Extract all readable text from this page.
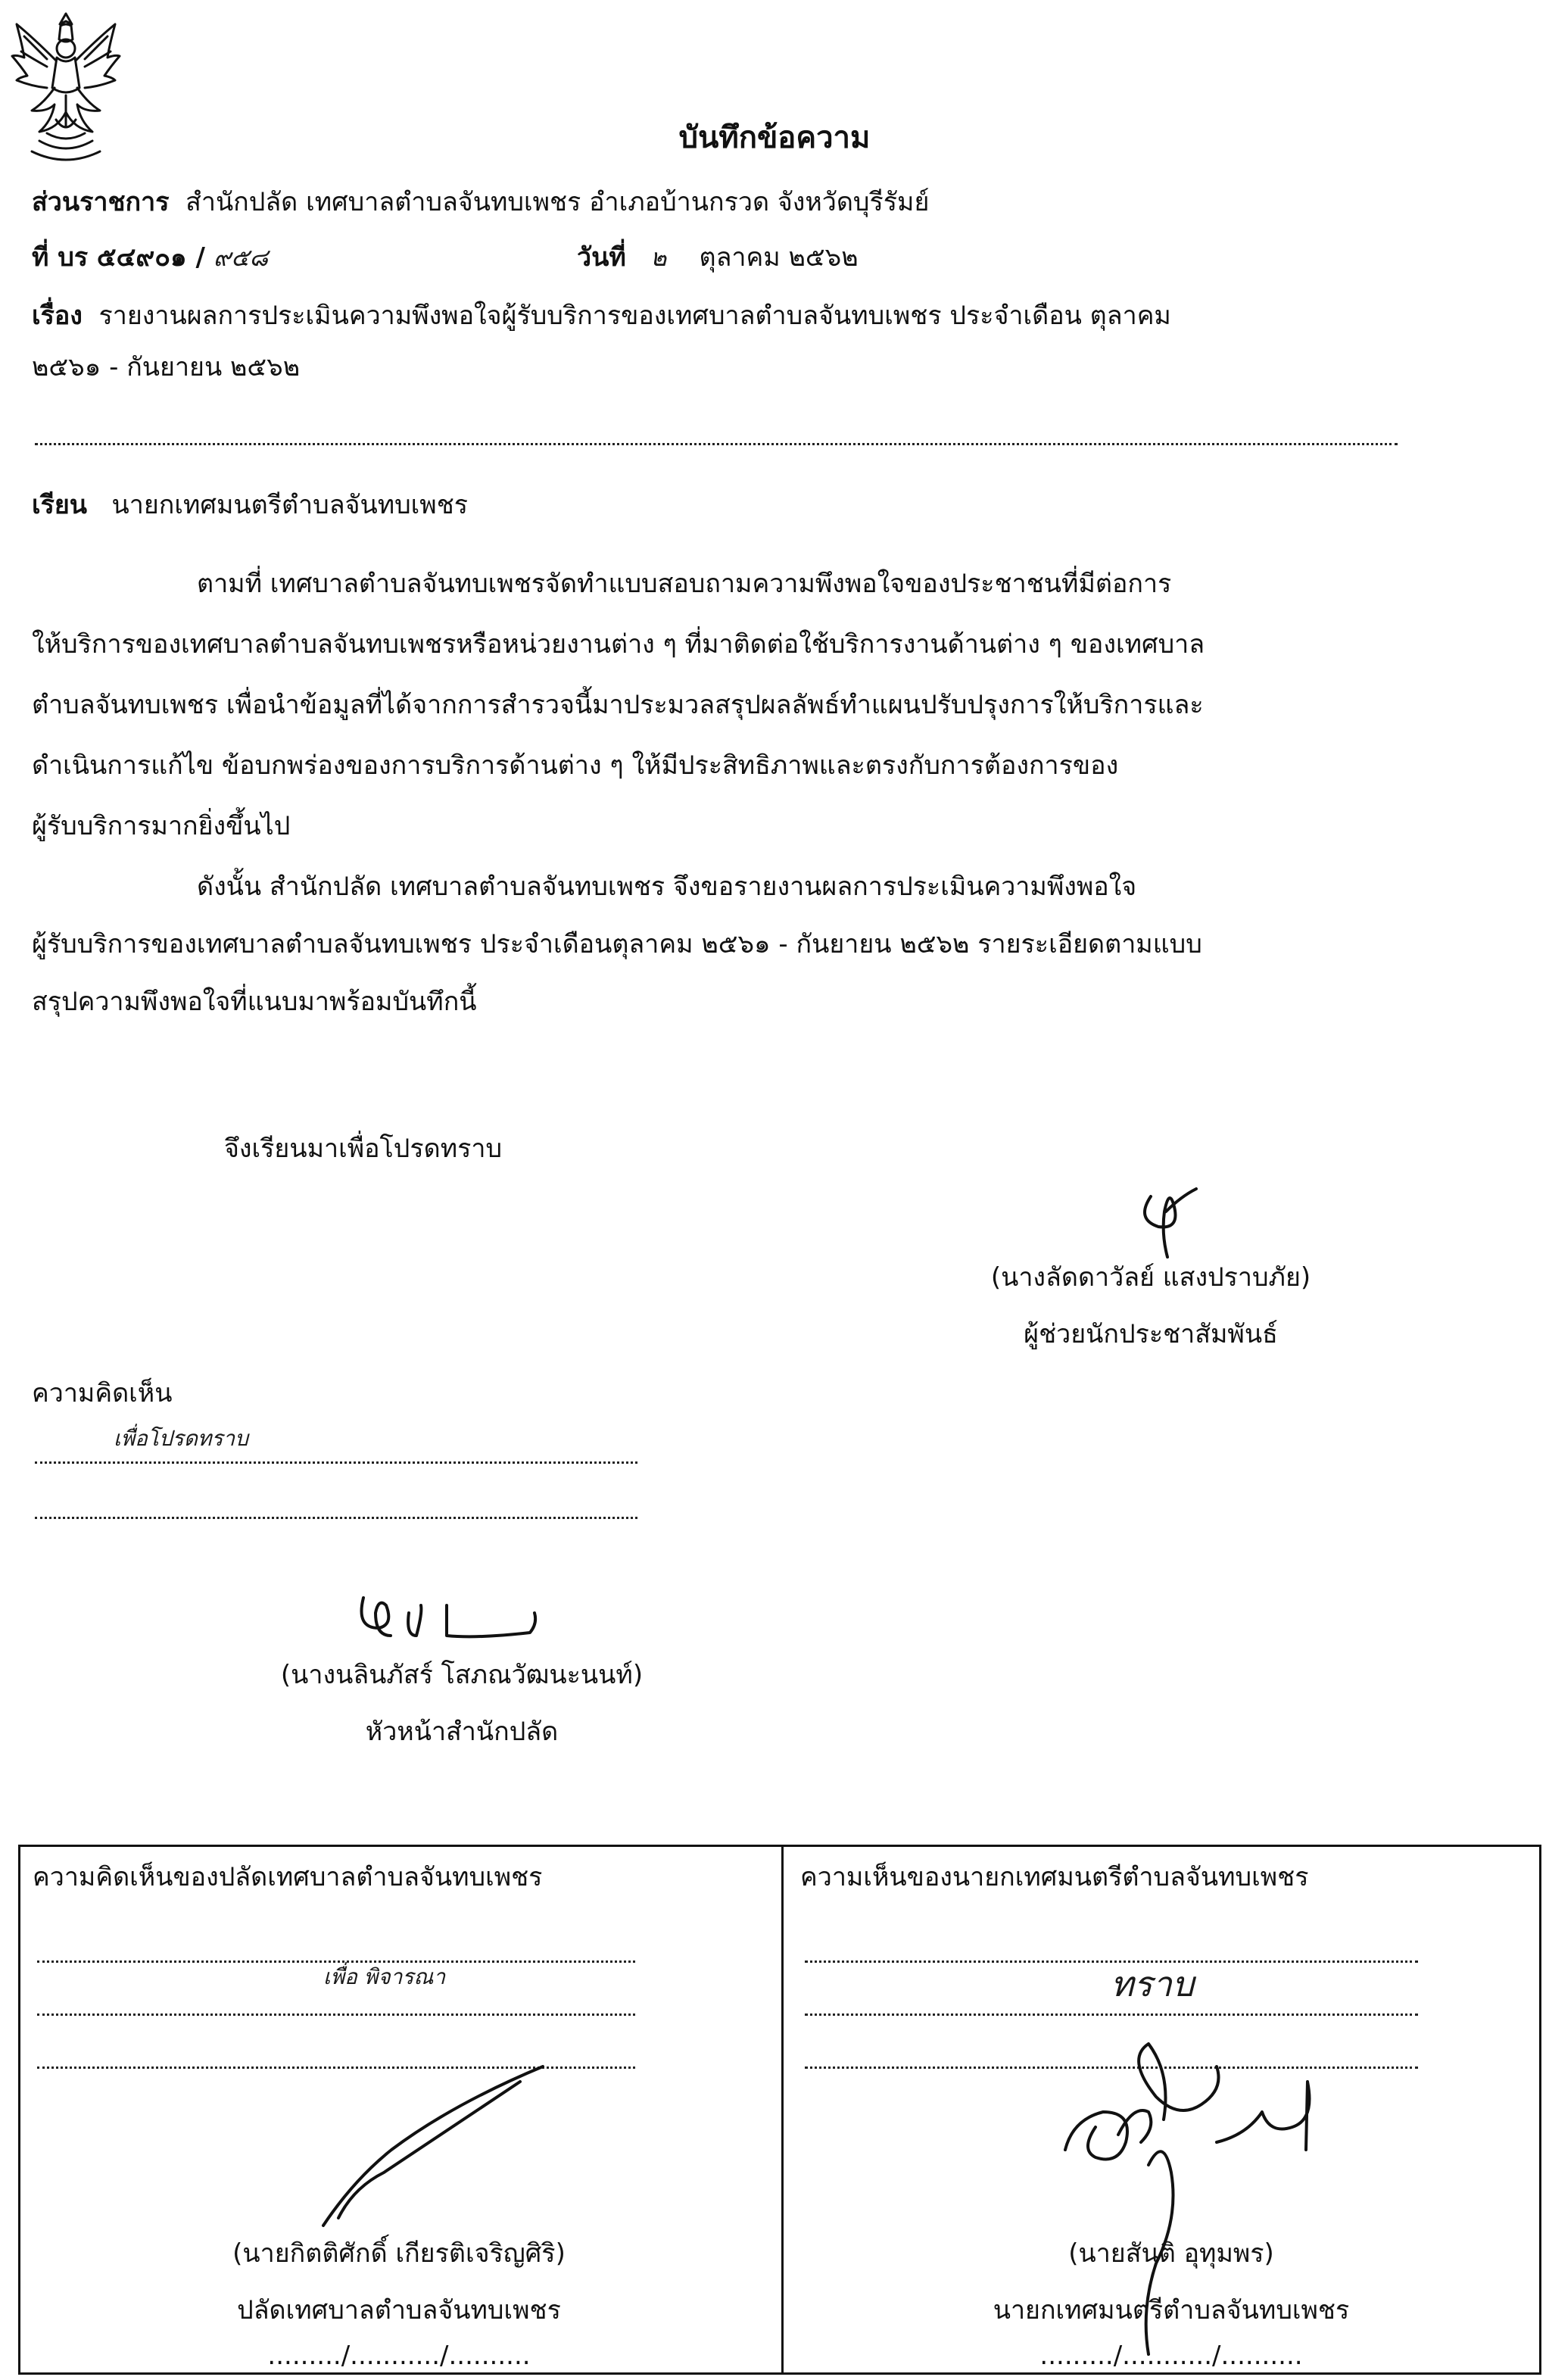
บันทึกข้อความ
ส่วนราชการ สำนักปลัด เทศบาลตำบลจันทบเพชร อำเภอบ้านกรวด จังหวัดบุรีรัมย์
ที่ บร ๕๔๙๐๑ / ๙๕๘	วันที่ ๒ ตุลาคม ๒๕๖๒
เรื่อง รายงานผลการประเมินความพึงพอใจผู้รับบริการของเทศบาลตำบลจันทบเพชร ประจำเดือน ตุลาคม
๒๕๖๑ - กันยายน ๒๕๖๒
เรียน นายกเทศมนตรีตำบลจันทบเพชร
ตามที่ เทศบาลตำบลจันทบเพชรจัดทำแบบสอบถามความพึงพอใจของประชาชนที่มีต่อการ
ให้บริการของเทศบาลตำบลจันทบเพชรหรือหน่วยงานต่าง ๆ ที่มาติดต่อใช้บริการงานด้านต่าง ๆ ของเทศบาล
ตำบลจันทบเพชร เพื่อนำข้อมูลที่ได้จากการสำรวจนี้มาประมวลสรุปผลลัพธ์ทำแผนปรับปรุงการให้บริการและ
ดำเนินการแก้ไข ข้อบกพร่องของการบริการด้านต่าง ๆ ให้มีประสิทธิภาพและตรงกับการต้องการของ
ผู้รับบริการมากยิ่งขึ้นไป
ดังนั้น สำนักปลัด เทศบาลตำบลจันทบเพชร จึงขอรายงานผลการประเมินความพึงพอใจ
ผู้รับบริการของเทศบาลตำบลจันทบเพชร ประจำเดือนตุลาคม ๒๕๖๑ - กันยายน ๒๕๖๒ รายระเอียดตามแบบ
สรุปความพึงพอใจที่แนบมาพร้อมบันทึกนี้
จึงเรียนมาเพื่อโปรดทราบ
(นางลัดดาวัลย์ แสงปราบภัย)
ผู้ช่วยนักประชาสัมพันธ์
ความคิดเห็น
เพื่อโปรดทราบ
(นางนลินภัสร์ โสภณวัฒนะนนท์)
หัวหน้าสำนักปลัด
ความคิดเห็นของปลัดเทศบาลตำบลจันทบเพชร
เพื่อ พิจารณา
(นายกิตติศักดิ์ เกียรติเจริญศิริ)
ปลัดเทศบาลตำบลจันทบเพชร
........./.........../..........
ความเห็นของนายกเทศมนตรีตำบลจันทบเพชร
ทราบ
(นายสันติ อุทุมพร)
นายกเทศมนตรีตำบลจันทบเพชร
........./.........../..........
